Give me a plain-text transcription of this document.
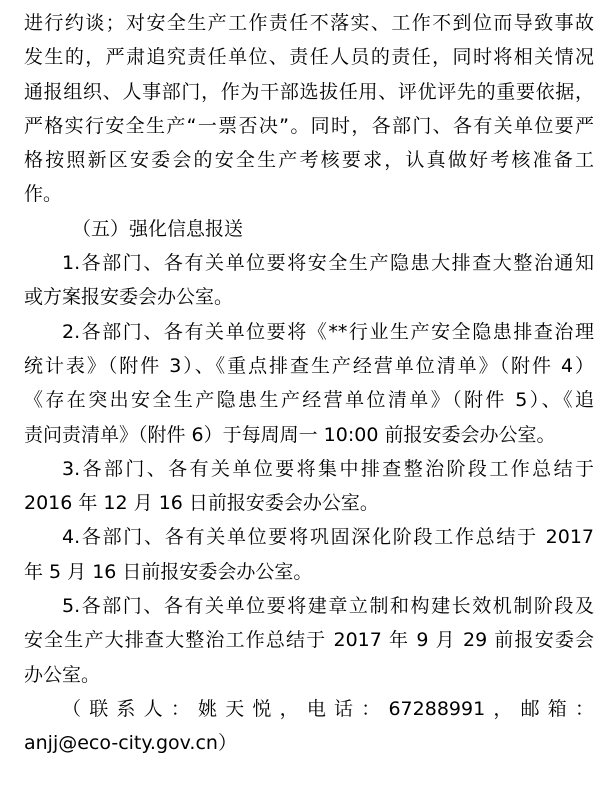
进行约谈；对安全生产工作责任不落实、工作不到位而导致事故
发生的，严肃追究责任单位、责任人员的责任，同时将相关情况
通报组织、人事部门，作为干部选拔任用、评优评先的重要依据，
严格实行安全生产“一票否决”。同时，各部门、各有关单位要严
格按照新区安委会的安全生产考核要求，认真做好考核准备工
作。
（五）强化信息报送
1.各部门、各有关单位要将安全生产隐患大排查大整治通知
或方案报安委会办公室。
2.各部门、各有关单位要将《**行业生产安全隐患排查治理
统计表》（附件 3）、《重点排查生产经营单位清单》（附件 4）
《存在突出安全生产隐患生产经营单位清单》（附件 5）、《追
责问责清单》（附件 6）于每周周一 10:00 前报安委会办公室。
3.各部门、各有关单位要将集中排查整治阶段工作总结于
2016 年 12 月 16 日前报安委会办公室。
4.各部门、各有关单位要将巩固深化阶段工作总结于 2017
年 5 月 16 日前报安委会办公室。
5.各部门、各有关单位要将建章立制和构建长效机制阶段及
安全生产大排查大整治工作总结于 2017 年 9 月 29 前报安委会
办公室。
（联系人：姚天悦，电话：67288991，邮箱：
anjj@eco-city.gov.cn）
